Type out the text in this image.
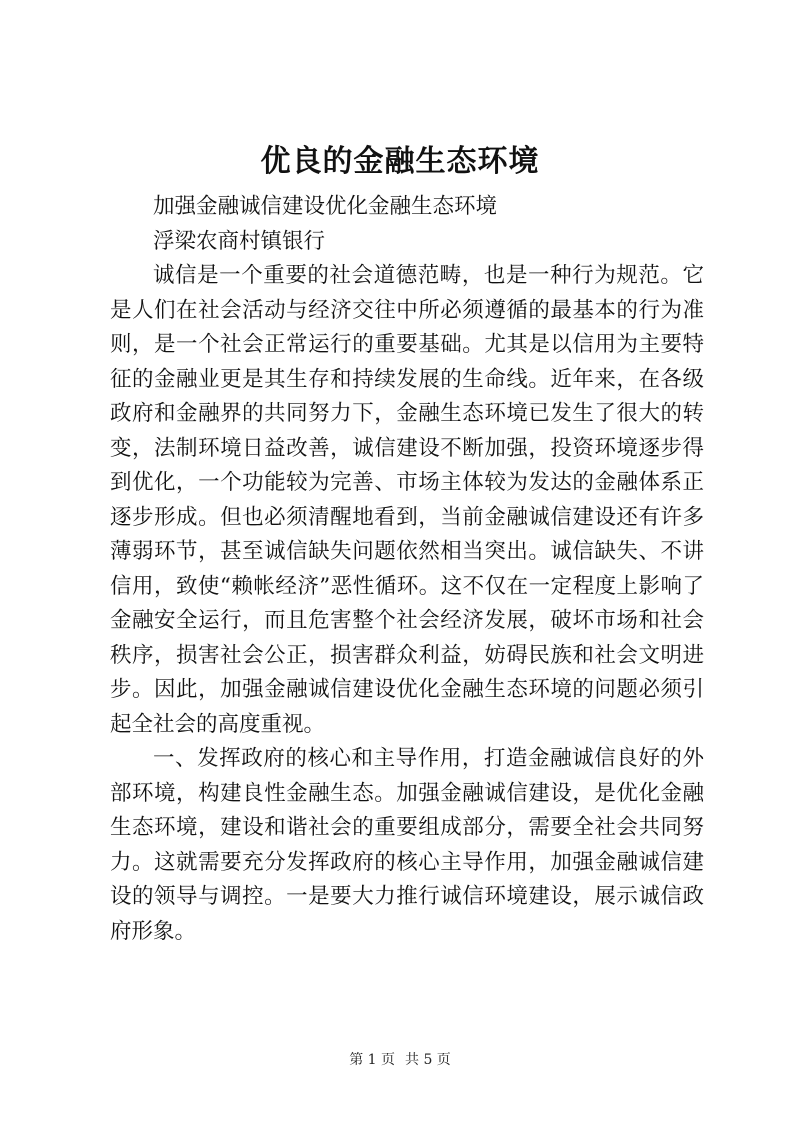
优良的金融生态环境

加强金融诚信建设优化金融生态环境

浮梁农商村镇银行

诚信是一个重要的社会道德范畴，也是一种行为规范。它是人们在社会活动与经济交往中所必须遵循的最基本的行为准则，是一个社会正常运行的重要基础。尤其是以信用为主要特征的金融业更是其生存和持续发展的生命线。近年来，在各级政府和金融界的共同努力下，金融生态环境已发生了很大的转变，法制环境日益改善，诚信建设不断加强，投资环境逐步得到优化，一个功能较为完善、市场主体较为发达的金融体系正逐步形成。但也必须清醒地看到，当前金融诚信建设还有许多薄弱环节，甚至诚信缺失问题依然相当突出。诚信缺失、不讲信用，致使“赖帐经济”恶性循环。这不仅在一定程度上影响了金融安全运行，而且危害整个社会经济发展，破坏市场和社会秩序，损害社会公正，损害群众利益，妨碍民族和社会文明进步。因此，加强金融诚信建设优化金融生态环境的问题必须引起全社会的高度重视。

一、发挥政府的核心和主导作用，打造金融诚信良好的外部环境，构建良性金融生态。加强金融诚信建设，是优化金融生态环境，建设和谐社会的重要组成部分，需要全社会共同努力。这就需要充分发挥政府的核心主导作用，加强金融诚信建设的领导与调控。一是要大力推行诚信环境建设，展示诚信政府形象。

第 1 页 共 5 页
